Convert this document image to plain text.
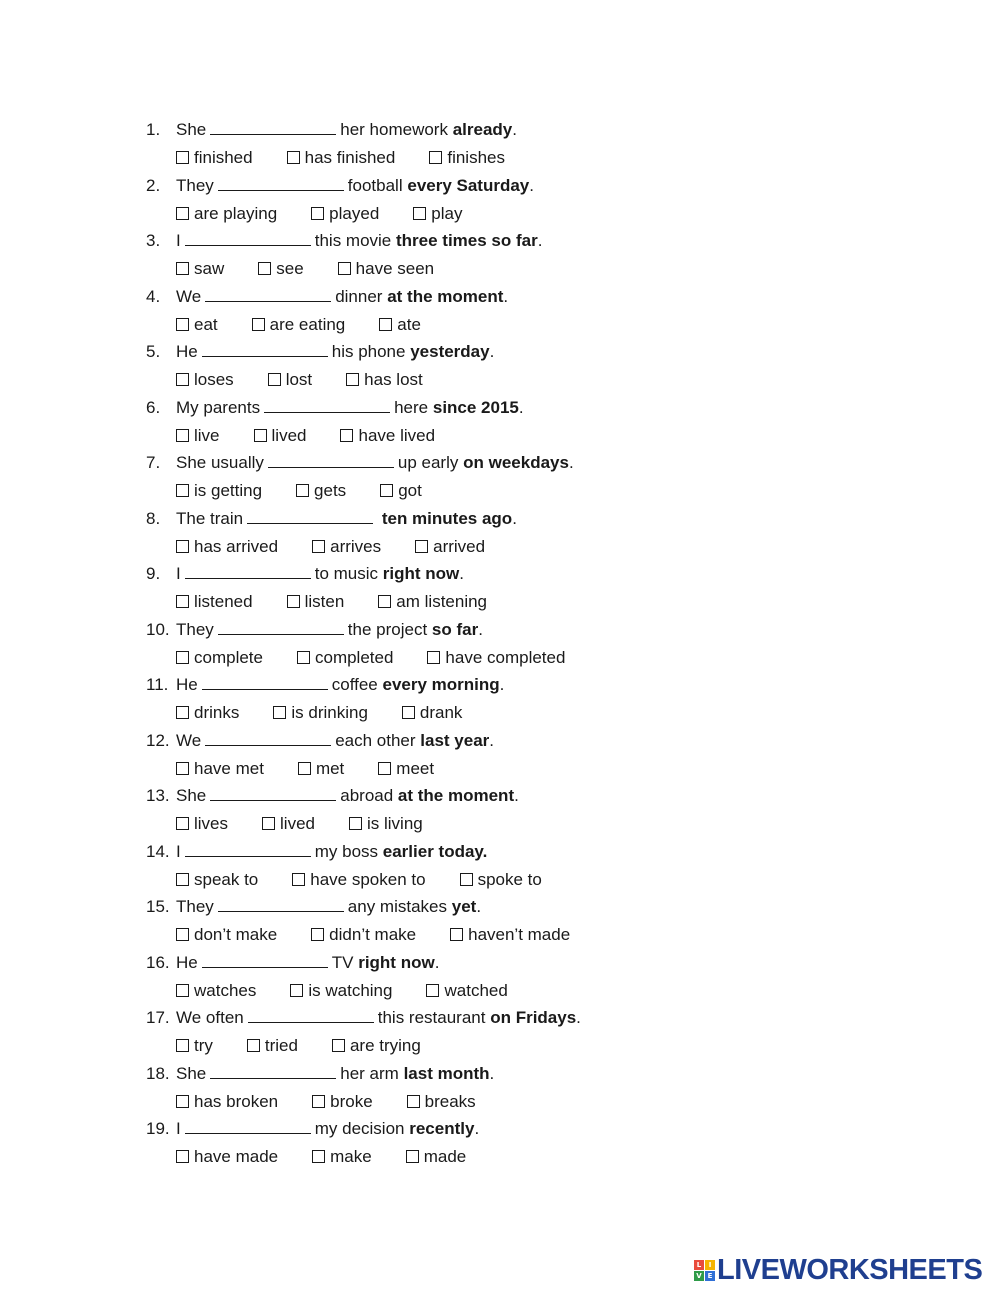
1. She	her homework already.
finished	has finished	finishes
2. They	football every Saturday.
are playing	played	play
3. I	this movie three times so far.
saw	see	have seen
4. We	dinner at the moment.
eat	are eating	ate
5. He	his phone yesterday.
loses	lost	has lost
6. My parents	here since 2015.
live	lived	have lived
7. She usually	up early on weekdays.
is getting	gets	got
8. The train	ten minutes ago.
has arrived	arrives	arrived
9. I	to music right now.
listened	listen	am listening
10. They	the project so far.
complete	completed	have completed
11. He	coffee every morning.
drinks	is drinking	drank
12. We	each other last year.
have met	met	meet
13. She	abroad at the moment.
lives	lived	is living
14. I	my boss earlier today.
speak to	have spoken to	spoke to
15. They	any mistakes yet.
don’t make	didn’t make	haven’t made
16. He	TV right now.
watches	is watching	watched
17. We often	this restaurant on Fridays.
try	tried	are trying
18. She	her arm last month.
has broken	broke	breaks
19. I	my decision recently.
have made	make	made
L	I
V E LIVEWORKSHEETS
